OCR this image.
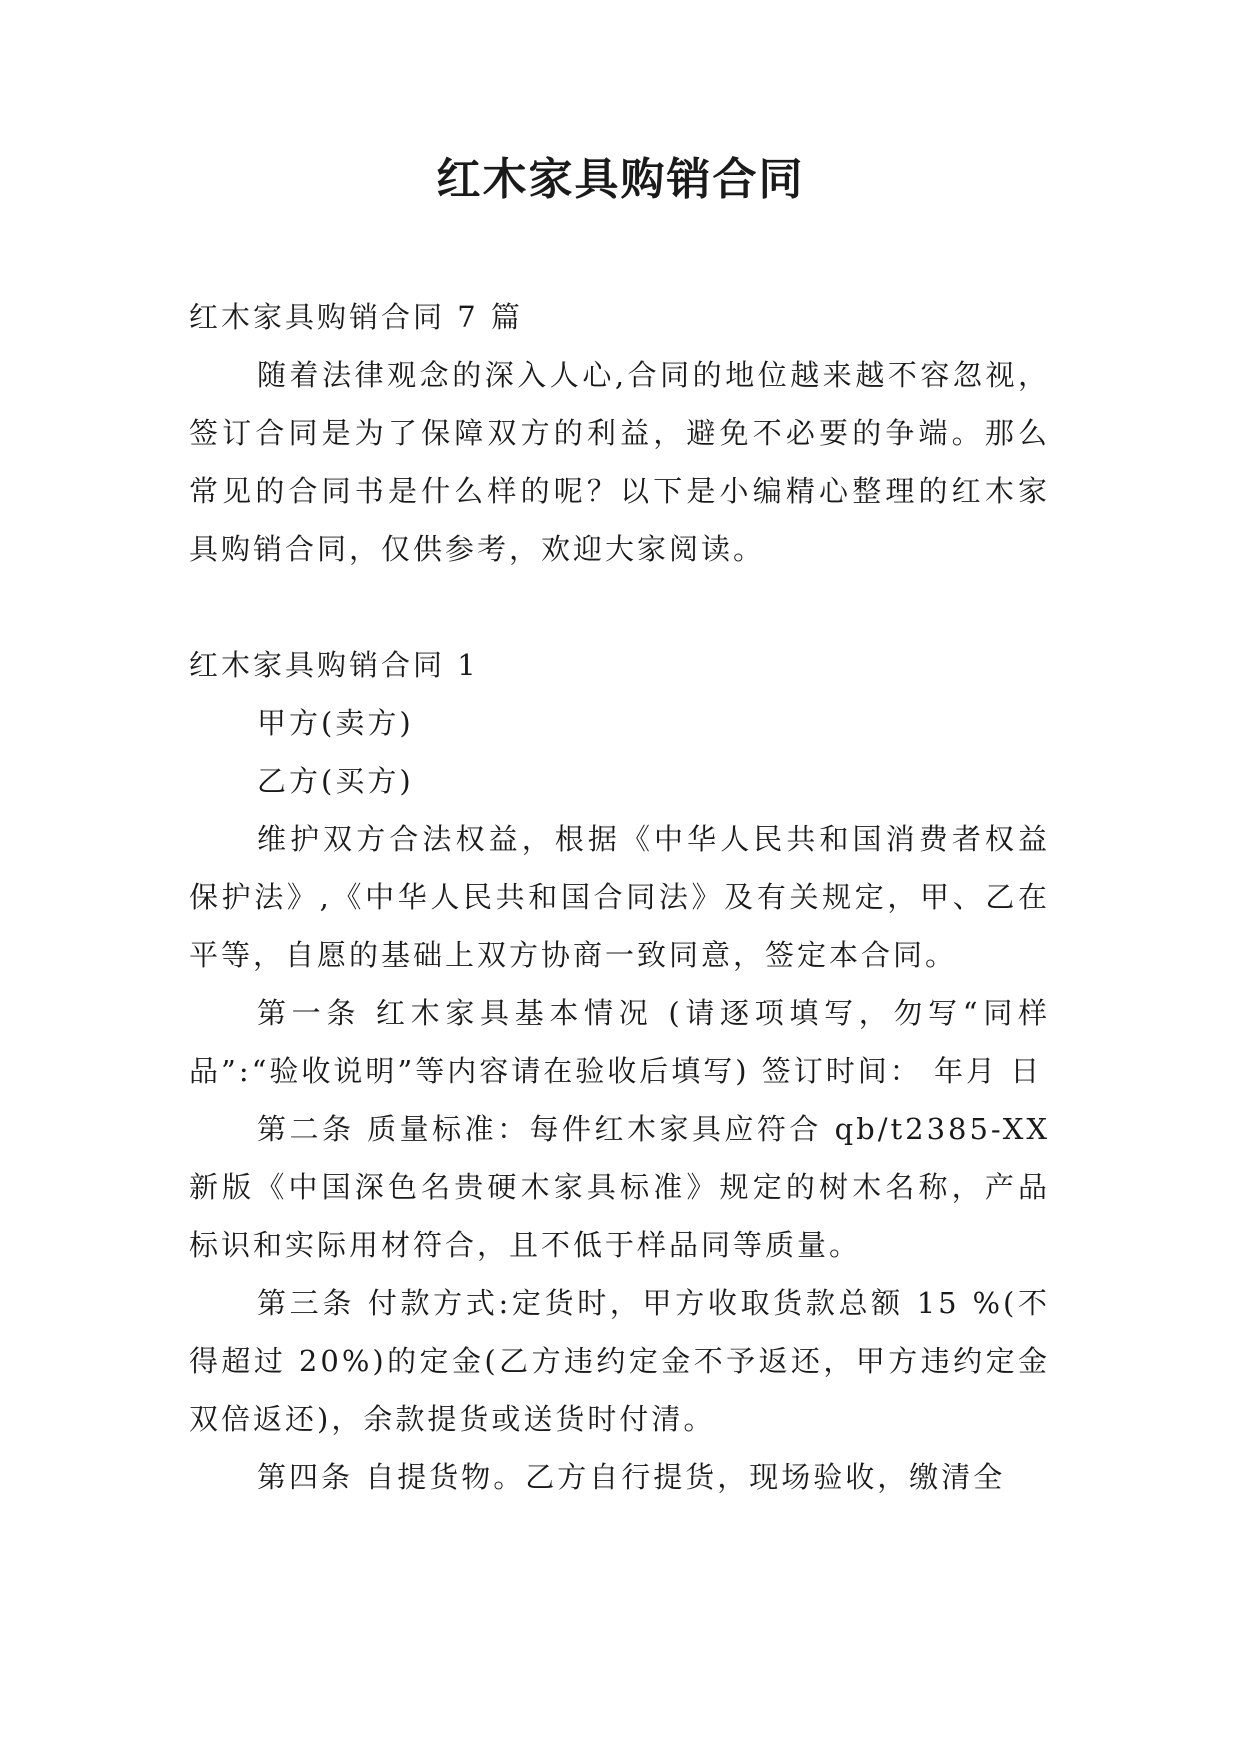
红木家具购销合同

红木家具购销合同 7 篇

随着法律观念的深入人心,合同的地位越来越不容忽视，签订合同是为了保障双方的利益，避免不必要的争端。那么常见的合同书是什么样的呢？以下是小编精心整理的红木家具购销合同，仅供参考，欢迎大家阅读。

红木家具购销合同 1

甲方(卖方)

乙方(买方)

维护双方合法权益，根据《中华人民共和国消费者权益保护法》,《中华人民共和国合同法》及有关规定，甲、乙在平等，自愿的基础上双方协商一致同意，签定本合同。

第一条 红木家具基本情况 (请逐项填写，勿写“同样品”:“验收说明”等内容请在验收后填写) 签订时间： 年月 日

第二条 质量标准：每件红木家具应符合 qb/t2385-XX 新版《中国深色名贵硬木家具标准》规定的树木名称，产品标识和实际用材符合，且不低于样品同等质量。

第三条 付款方式:定货时，甲方收取货款总额 15 %(不得超过 20%)的定金(乙方违约定金不予返还，甲方违约定金双倍返还)，余款提货或送货时付清。

第四条 自提货物。乙方自行提货，现场验收，缴清全
